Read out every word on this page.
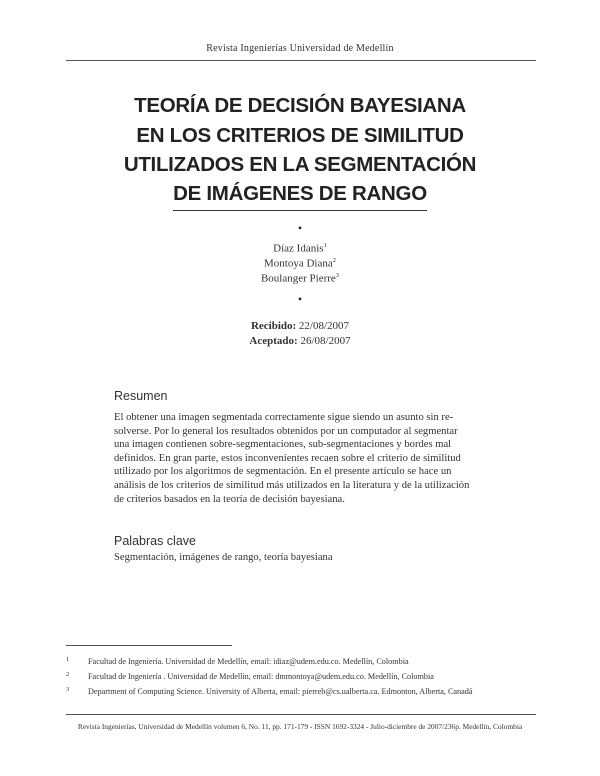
Revista Ingenierías Universidad de Medellín
TEORÍA DE DECISIÓN BAYESIANA
EN LOS CRITERIOS DE SIMILITUD
UTILIZADOS EN LA SEGMENTACIÓN
DE IMÁGENES DE RANGO
•
Díaz Idanis$^1$
Montoya Diana$^2$
Boulanger Pierre$^3$
•
Recibido: 22/08/2007
Aceptado: 26/08/2007
Resumen
El obtener una imagen segmentada correctamente sigue siendo un asunto sin re-
solverse. Por lo general los resultados obtenidos por un computador al segmentar
una imagen contienen sobre-segmentaciones, sub-segmentaciones y bordes mal
definidos. En gran parte, estos inconvenientes recaen sobre el criterio de similitud
utilizado por los algoritmos de segmentación. En el presente artículo se hace un
análisis de los criterios de similitud más utilizados en la literatura y de la utilización
de criterios basados en la teoría de decisión bayesiana.
Palabras clave
Segmentación, imágenes de rango, teoría bayesiana
1 Facultad de Ingeniería. Universidad de Medellín, email: idiaz@udem.edu.co. Medellín, Colombia
2 Facultad de Ingeniería . Universidad de Medellín, email: dmmontoya@udem.edu.co. Medellín, Colombia
3 Department of Computing Science. University of Alberta, email: pierreb@cs.ualberta.ca. Edmonton, Alberta, Canadá
Revista Ingenierías, Universidad de Medellín volumen 6, No. 11, pp. 171-179 - ISSN 1692-3324 - Julio-diciembre de 2007/236p. Medellín, Colombia
